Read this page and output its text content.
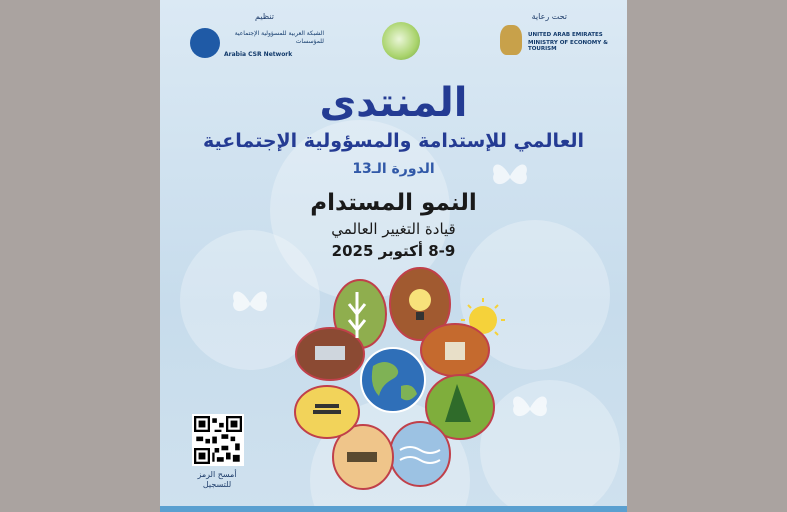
تنظيم
الشبكة العربية للمسؤولية الإجتماعية للمؤسسات
Arabia CSR Network
تحت رعاية
UNITED ARAB EMIRATES
MINISTRY OF ECONOMY & TOURISM
المنتدى
العالمي للإستدامة والمسؤولية الإجتماعية
الدورة الـ13
النمو المستدام
قيادة التغيير العالمي
8-9 أكتوبر 2025
أمسح الرمز
للتسجيل
